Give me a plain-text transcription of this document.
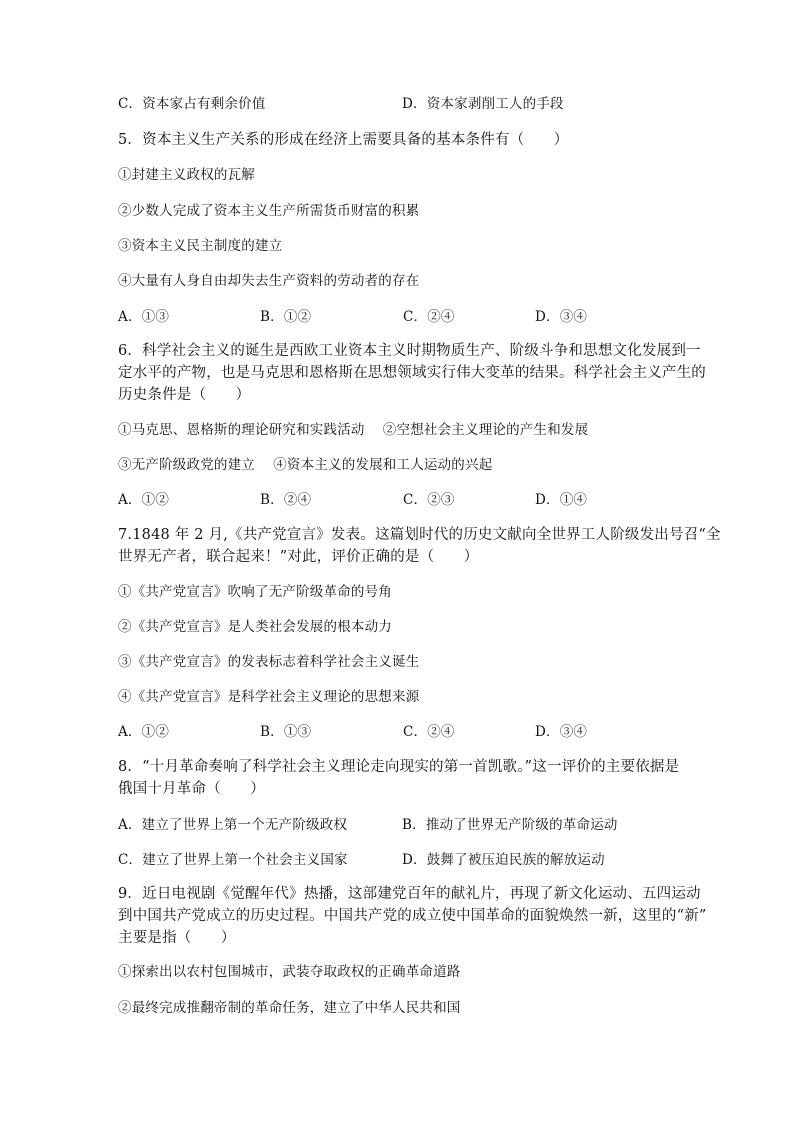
C．资本家占有剩余价值	D．资本家剥削工人的手段
5．资本主义生产关系的形成在经济上需要具备的基本条件有（　　）
①封建主义政权的瓦解
②少数人完成了资本主义生产所需货币财富的积累
③资本主义民主制度的建立
④大量有人身自由却失去生产资料的劳动者的存在
A．①③	B．①②	C．②④	D．③④
6．科学社会主义的诞生是西欧工业资本主义时期物质生产、阶级斗争和思想文化发展到一
定水平的产物，也是马克思和恩格斯在思想领域实行伟大变革的结果。科学社会主义产生的
历史条件是（　　）
①马克思、恩格斯的理论研究和实践活动　 ②空想社会主义理论的产生和发展
③无产阶级政党的建立　 ④资本主义的发展和工人运动的兴起
A．①②	B．②④	C．②③	D．①④
7.1848 年 2 月,《共产党宣言》发表。这篇划时代的历史文献向全世界工人阶级发出号召“全
世界无产者，联合起来！”对此，评价正确的是（　　）
①《共产党宣言》吹响了无产阶级革命的号角
②《共产党宣言》是人类社会发展的根本动力
③《共产党宣言》的发表标志着科学社会主义诞生
④《共产党宣言》是科学社会主义理论的思想来源
A．①②	B．①③	C．②④	D．③④
8．“十月革命奏响了科学社会主义理论走向现实的第一首凯歌。”这一评价的主要依据是
俄国十月革命（　　）
A．建立了世界上第一个无产阶级政权	B．推动了世界无产阶级的革命运动
C．建立了世界上第一个社会主义国家	D．鼓舞了被压迫民族的解放运动
9．近日电视剧《觉醒年代》热播，这部建党百年的献礼片，再现了新文化运动、五四运动
到中国共产党成立的历史过程。中国共产党的成立使中国革命的面貌焕然一新，这里的“新”
主要是指（　　）
①探索出以农村包围城市，武装夺取政权的正确革命道路
②最终完成推翻帝制的革命任务，建立了中华人民共和国
